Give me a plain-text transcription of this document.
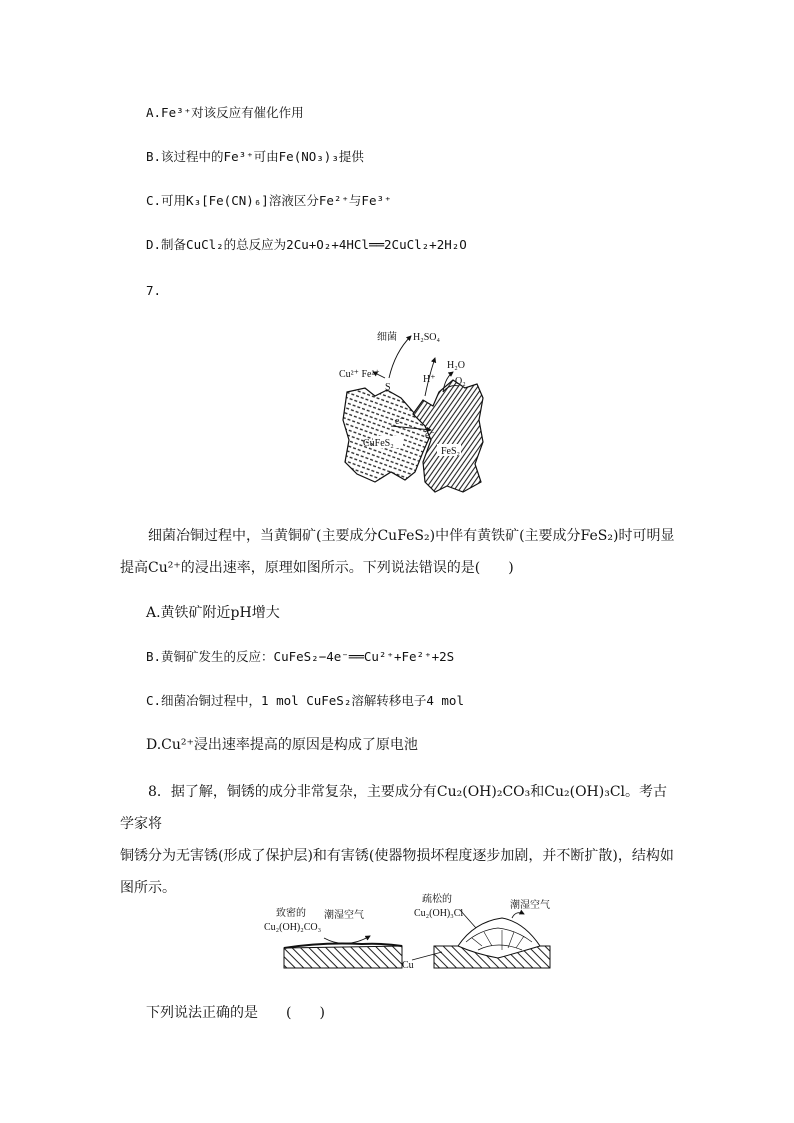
A.Fe³⁺对该反应有催化作用
B.该过程中的Fe³⁺可由Fe(NO₃)₃提供
C.可用K₃[Fe(CN)₆]溶液区分Fe²⁺与Fe³⁺
D.制备CuCl₂的总反应为2Cu+O₂+4HCl══2CuCl₂+2H₂O
7.
细菌 H₂SO₄
Cu²⁺ Fe²⁺
S
H₂O
H⁺ O₂
CuFeS₂
FeS₂
e⁻
e⁻
细菌冶铜过程中，当黄铜矿(主要成分CuFeS₂)中伴有黄铁矿(主要成分FeS₂)时可明显
提高Cu²⁺的浸出速率，原理如图所示。下列说法错误的是(　　)
A.黄铁矿附近pH增大
B.黄铜矿发生的反应：CuFeS₂−4e⁻══Cu²⁺+Fe²⁺+2S
C.细菌冶铜过程中，1 mol CuFeS₂溶解转移电子4 mol
D.Cu²⁺浸出速率提高的原因是构成了原电池
8．据了解，铜锈的成分非常复杂，主要成分有Cu₂(OH)₂CO₃和Cu₂(OH)₃Cl。考古学家将
铜锈分为无害锈(形成了保护层)和有害锈(使器物损坏程度逐步加剧，并不断扩散)，结构如
图所示。
致密的
Cu₂(OH)₂CO₃
潮湿空气
疏松的
Cu₂(OH)₃Cl
潮湿空气
Cu
下列说法正确的是　　(　　)
